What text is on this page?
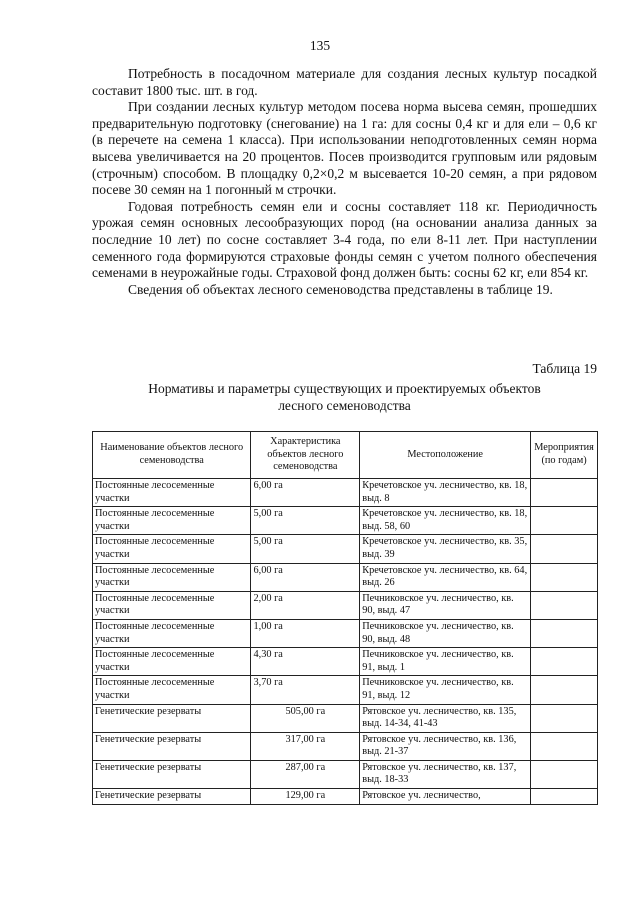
135

Потребность в посадочном материале для создания лесных культур посадкой составит 1800 тыс. шт. в год.

При создании лесных культур методом посева норма высева семян, прошедших предварительную подготовку (снегование) на 1 га: для сосны 0,4 кг и для ели – 0,6 кг (в перечете на семена 1 класса). При использовании неподготовленных семян норма высева увеличивается на 20 процентов. Посев производится групповым или рядовым (строчным) способом. В площадку 0,2×0,2 м высевается 10-20 семян, а при рядовом посеве 30 семян на 1 погонный м строчки.

Годовая потребность семян ели и сосны составляет 118 кг. Периодичность урожая семян основных лесообразующих пород (на основании анализа данных за последние 10 лет) по сосне составляет 3-4 года, по ели 8-11 лет. При наступлении семенного года формируются страховые фонды семян с учетом полного обеспечения семенами в неурожайные годы. Страховой фонд должен быть: сосны 62 кг, ели 854 кг.

Сведения об объектах лесного семеноводства представлены в таблице 19.

Таблица 19
Нормативы и параметры существующих и проектируемых объектов
лесного семеноводства
Наименование объектов лесного семеноводства	Характеристика объектов лесного семеноводства	Местоположение	Мероприятия (по годам)
Постоянные лесосеменные участки	6,00 га	Кречетовское уч. лесничество, кв. 18, выд. 8	
Постоянные лесосеменные участки	5,00 га	Кречетовское уч. лесничество, кв. 18, выд. 58, 60	
Постоянные лесосеменные участки	5,00 га	Кречетовское уч. лесничество, кв. 35, выд. 39	
Постоянные лесосеменные участки	6,00 га	Кречетовское уч. лесничество, кв. 64, выд. 26	
Постоянные лесосеменные участки	2,00 га	Печниковское уч. лесничество, кв. 90, выд. 47	
Постоянные лесосеменные участки	1,00 га	Печниковское уч. лесничество, кв. 90, выд. 48	
Постоянные лесосеменные участки	4,30 га	Печниковское уч. лесничество, кв. 91, выд. 1	
Постоянные лесосеменные участки	3,70 га	Печниковское уч. лесничество, кв. 91, выд. 12	
Генетические резерваты	505,00 га	Рятовское уч. лесничество, кв. 135, выд. 14-34, 41-43	
Генетические резерваты	317,00 га	Рятовское уч. лесничество, кв. 136, выд. 21-37	
Генетические резерваты	287,00 га	Рятовское уч. лесничество, кв. 137, выд. 18-33	
Генетические резерваты	129,00 га	Рятовское уч. лесничество,	
